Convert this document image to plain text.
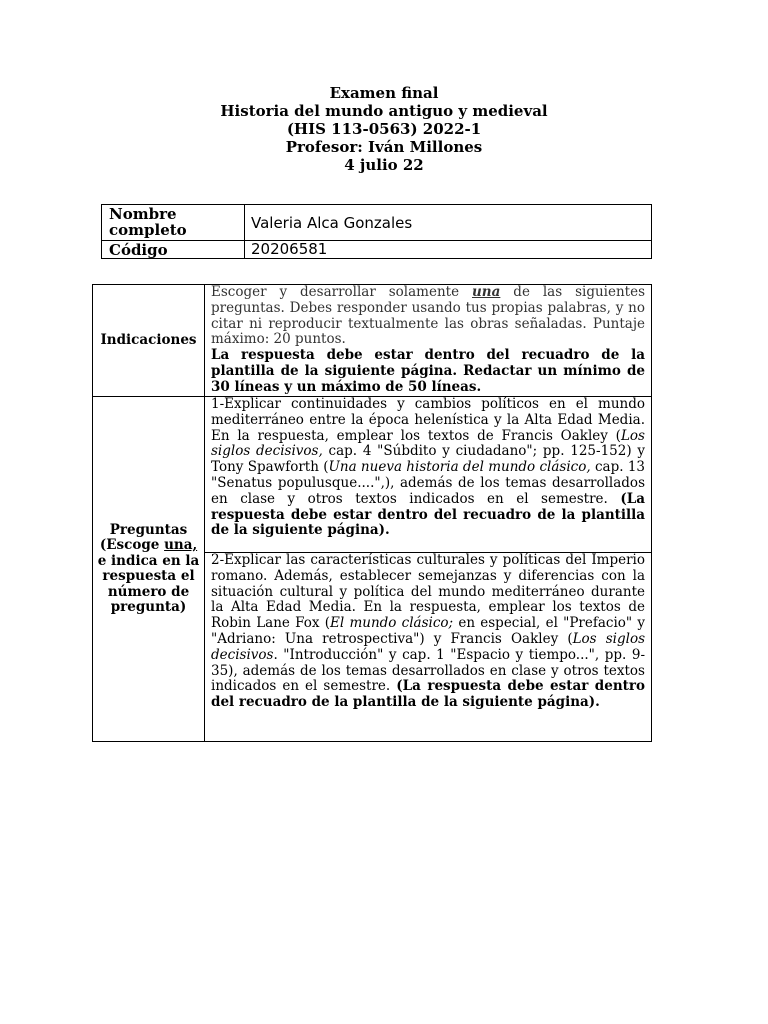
Examen final
Historia del mundo antiguo y medieval
(HIS 113-0563) 2022-1
Profesor: Iván Millones
4 julio 22
Nombre completo	Valeria Alca Gonzales
Código	20206581
Indicaciones	Escoger y desarrollar solamente una de las siguientes preguntas. Debes responder usando tus propias palabras, y no citar ni reproducir textualmente las obras señaladas. Puntaje máximo: 20 puntos.
La respuesta debe estar dentro del recuadro de la plantilla de la siguiente página. Redactar un mínimo de 30 líneas y un máximo de 50 líneas.
Preguntas (Escoge una, e indica en la respuesta el número de pregunta)	1-Explicar continuidades y cambios políticos en el mundo mediterráneo entre la época helenística y la Alta Edad Media. En la respuesta, emplear los textos de Francis Oakley (Los siglos decisivos, cap. 4 "Súbdito y ciudadano"; pp. 125-152) y Tony Spawforth (Una nueva historia del mundo clásico, cap. 13 "Senatus populusque....",), además de los temas desarrollados en clase y otros textos indicados en el semestre. (La respuesta debe estar dentro del recuadro de la plantilla de la siguiente página).
	2-Explicar las características culturales y políticas del Imperio romano. Además, establecer semejanzas y diferencias con la situación cultural y política del mundo mediterráneo durante la Alta Edad Media. En la respuesta, emplear los textos de Robin Lane Fox (El mundo clásico; en especial, el "Prefacio" y "Adriano: Una retrospectiva") y Francis Oakley (Los siglos decisivos. "Introducción" y cap. 1 "Espacio y tiempo...", pp. 9-35), además de los temas desarrollados en clase y otros textos indicados en el semestre. (La respuesta debe estar dentro del recuadro de la plantilla de la siguiente página).
